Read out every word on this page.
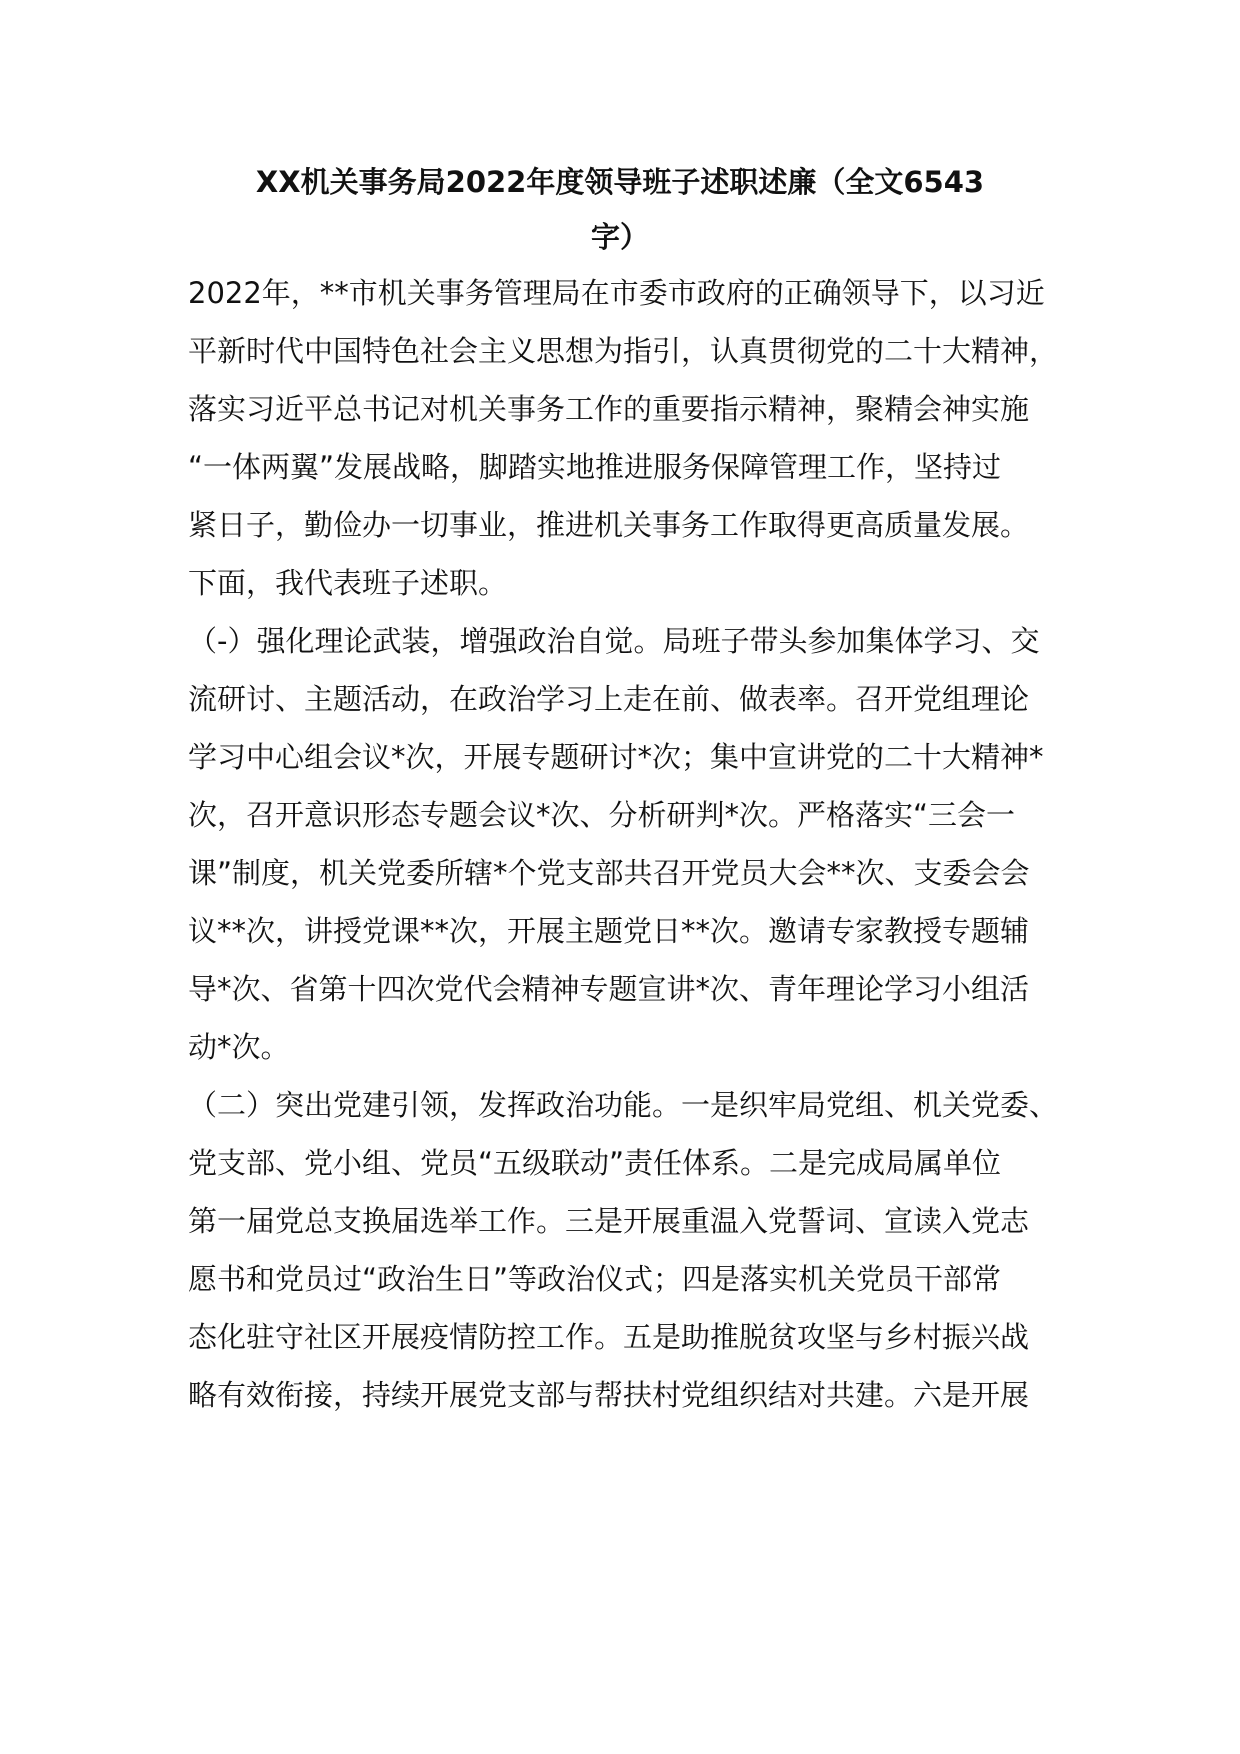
XX机关事务局2022年度领导班子述职述廉（全文6543
字）

2022年，**市机关事务管理局在市委市政府的正确领导下，以习近

平新时代中国特色社会主义思想为指引，认真贯彻党的二十大精神，

落实习近平总书记对机关事务工作的重要指示精神，聚精会神实施

“一体两翼”发展战略，脚踏实地推进服务保障管理工作，坚持过

紧日子，勤俭办一切事业，推进机关事务工作取得更高质量发展。

下面，我代表班子述职。

（-）强化理论武装，增强政治自觉。局班子带头参加集体学习、交

流研讨、主题活动，在政治学习上走在前、做表率。召开党组理论

学习中心组会议*次，开展专题研讨*次；集中宣讲党的二十大精神*

次，召开意识形态专题会议*次、分析研判*次。严格落实“三会一

课”制度，机关党委所辖*个党支部共召开党员大会**次、支委会会

议**次，讲授党课**次，开展主题党日**次。邀请专家教授专题辅

导*次、省第十四次党代会精神专题宣讲*次、青年理论学习小组活

动*次。

（二）突出党建引领，发挥政治功能。一是织牢局党组、机关党委、

党支部、党小组、党员“五级联动”责任体系。二是完成局属单位

第一届党总支换届选举工作。三是开展重温入党誓词、宣读入党志

愿书和党员过“政治生日”等政治仪式；四是落实机关党员干部常

态化驻守社区开展疫情防控工作。五是助推脱贫攻坚与乡村振兴战

略有效衔接，持续开展党支部与帮扶村党组织结对共建。六是开展
